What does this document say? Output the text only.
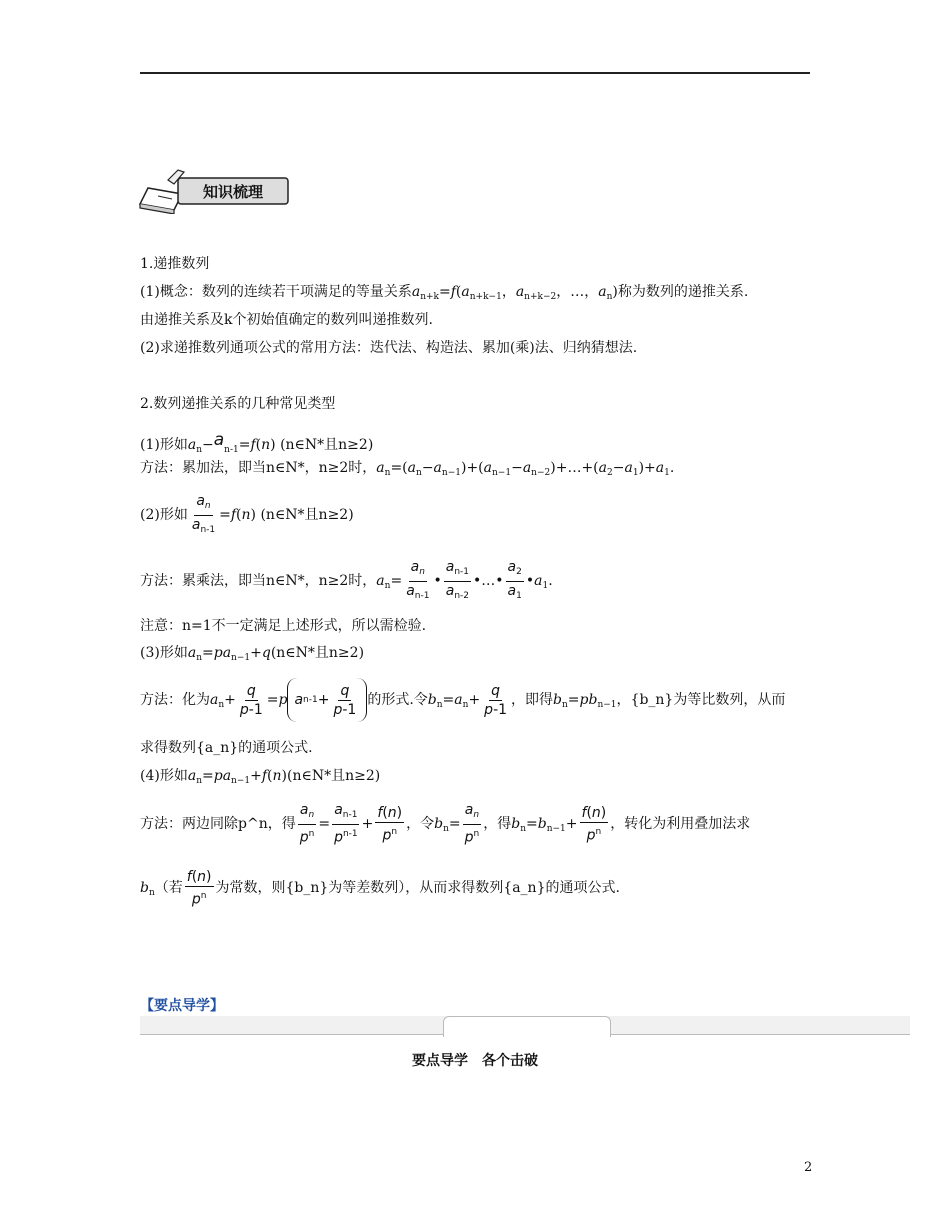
知识梳理
1.递推数列
(1)概念：数列的连续若干项满足的等量关系$a_{n+k}=f(a_{n+k-1}$，$a_{n+k-2}$，…，$a_n$)称为数列的递推关系.
由递推关系及k个初始值确定的数列叫递推数列.
(2)求递推数列通项公式的常用方法：迭代法、构造法、累加(乘)法、归纳猜想法.
2.数列递推关系的几种常见类型
(1)形如$a_n-a_{n-1}=f(n)$ (n∈N*且n≥2)
方法：累加法，即当n∈N*，n≥2时，$a_n=(a_n-a_{n-1})+(a_{n-1}-a_{n-2})+\dots+(a_2-a_1)+a_1$.
(2)形如 $\frac{a_n}{a_{n-1}} =f(n)$ (n∈N*且n≥2)
方法：累乘法，即当n∈N*，n≥2时，$a_n= \frac{a_n}{a_{n-1}}$ • $\frac{a_{n-1}}{a_{n-2}}$ •…• $\frac{a_2}{a_1}$ $•a_1$.
注意：n=1不一定满足上述形式，所以需检验.
(3)形如$a_n=pa_{n-1}+q(n\in N*$且n≥2)
方法：化为$a_n+ \frac{q}{p-1} =p$ a $n-1 + \frac{q}{p-1}$ 的形式.令$b_n=a_n+ \frac{q}{p-1}$ ，即得$b_n=pb_{n-1}$，{b_n}为等比数列，从而
求得数列{a_n}的通项公式.
(4)形如$a_n=pa_{n-1}+f(n)(n\in N*$且n≥2)
方法：两边同除p^n，得 $\frac{a_n}{p^n} = \frac{a_{n-1}}{p^{n-1}} + \frac{f(n)}{p^n}$ ，令$b_n= \frac{a_n}{p^n}$ ，得$b_n=b_{n-1}+ \frac{f(n)}{p^n}$ ，转化为利用叠加法求
$b_n$（若 $\frac{f(n)}{p^n}$ 为常数，则{b_n}为等差数列），从而求得数列{a_n}的通项公式.
【要点导学】
要点导学　各个击破
2
